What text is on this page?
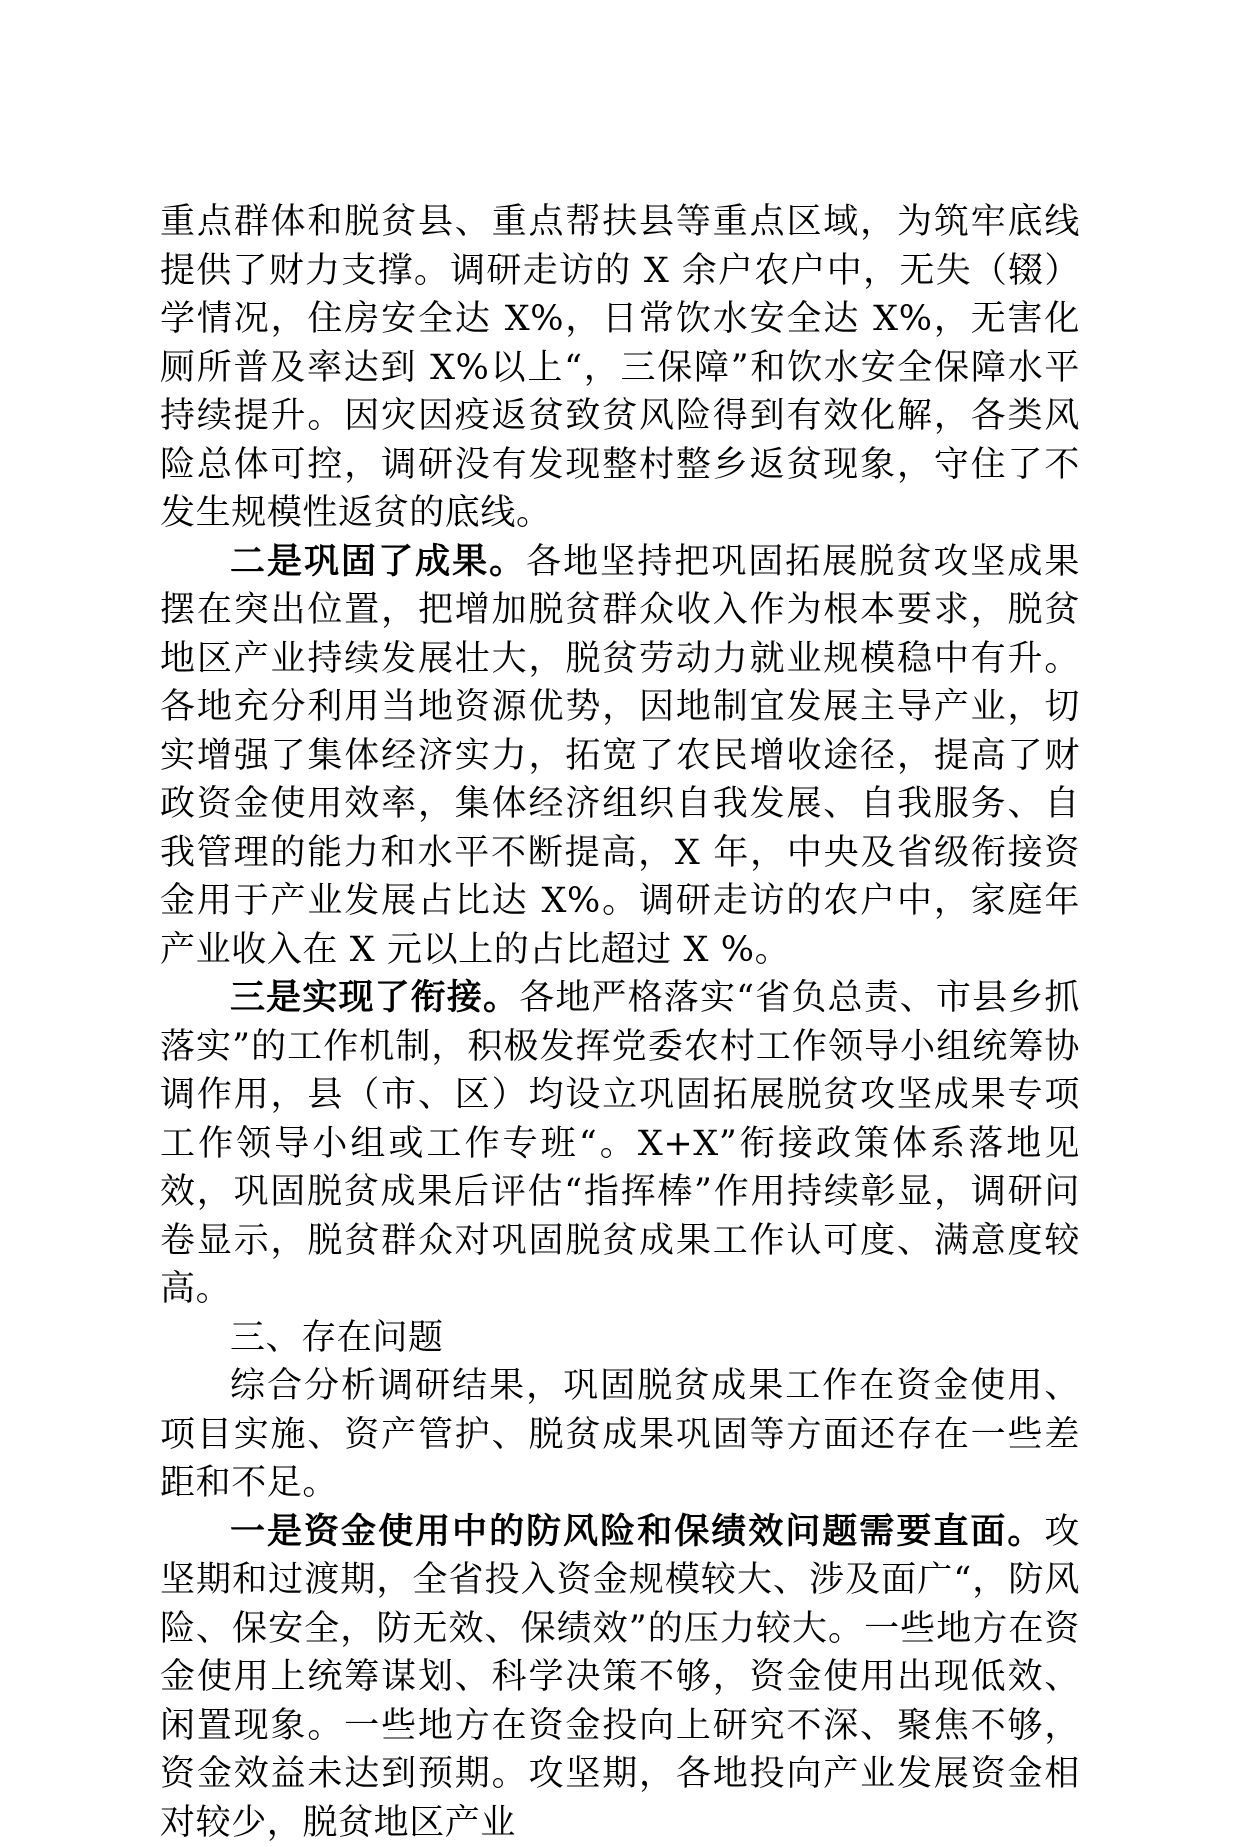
重点群体和脱贫县、重点帮扶县等重点区域，为筑牢底线提供了财力支撑。调研走访的 X 余户农户中，无失（辍）学情况，住房安全达 X%，日常饮水安全达 X%，无害化厕所普及率达到 X%以上“，三保障”和饮水安全保障水平持续提升。因灾因疫返贫致贫风险得到有效化解，各类风险总体可控，调研没有发现整村整乡返贫现象，守住了不发生规模性返贫的底线。

二是巩固了成果。各地坚持把巩固拓展脱贫攻坚成果摆在突出位置，把增加脱贫群众收入作为根本要求，脱贫地区产业持续发展壮大，脱贫劳动力就业规模稳中有升。各地充分利用当地资源优势，因地制宜发展主导产业，切实增强了集体经济实力，拓宽了农民增收途径，提高了财政资金使用效率，集体经济组织自我发展、自我服务、自我管理的能力和水平不断提高，X 年，中央及省级衔接资金用于产业发展占比达 X%。调研走访的农户中，家庭年产业收入在 X 元以上的占比超过 X %。

三是实现了衔接。各地严格落实“省负总责、市县乡抓落实”的工作机制，积极发挥党委农村工作领导小组统筹协调作用，县（市、区）均设立巩固拓展脱贫攻坚成果专项工作领导小组或工作专班“。X+X”衔接政策体系落地见效，巩固脱贫成果后评估“指挥棒”作用持续彰显，调研问卷显示，脱贫群众对巩固脱贫成果工作认可度、满意度较高。

三、存在问题

综合分析调研结果，巩固脱贫成果工作在资金使用、项目实施、资产管护、脱贫成果巩固等方面还存在一些差距和不足。

一是资金使用中的防风险和保绩效问题需要直面。攻坚期和过渡期，全省投入资金规模较大、涉及面广“，防风险、保安全，防无效、保绩效”的压力较大。一些地方在资金使用上统筹谋划、科学决策不够，资金使用出现低效、闲置现象。一些地方在资金投向上研究不深、聚焦不够，资金效益未达到预期。攻坚期，各地投向产业发展资金相对较少，脱贫地区产业
